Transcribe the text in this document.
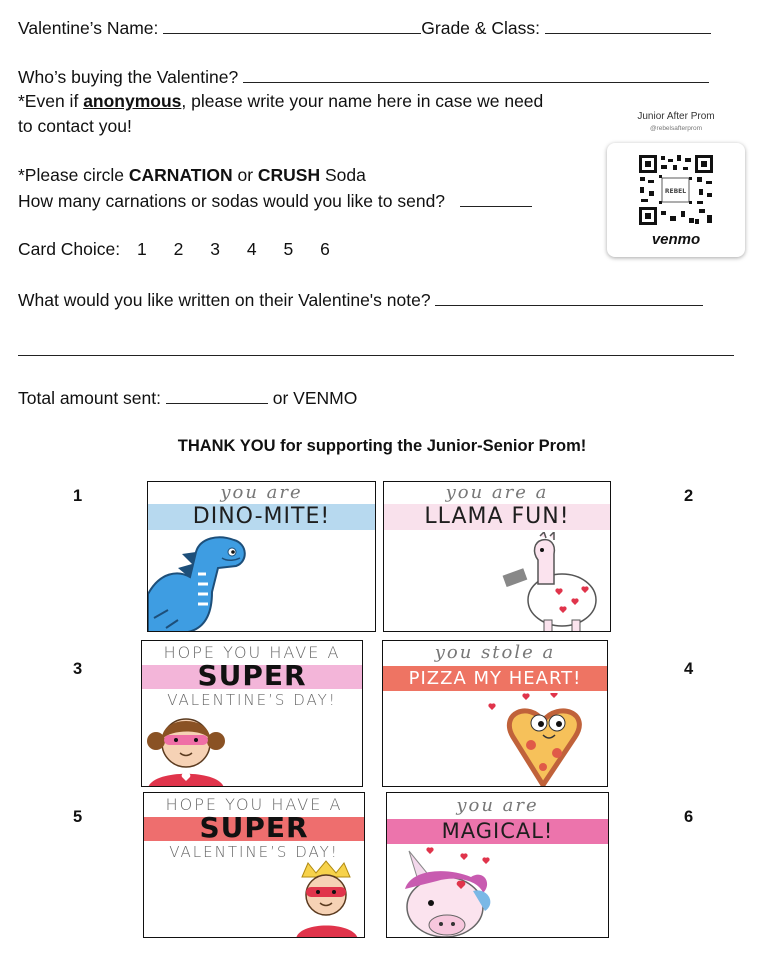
Valentine’s Name:	Grade & Class:
Who’s buying the Valentine?
*Even if anonymous, please write your name here in case we need
to contact you!
*Please circle CARNATION or CRUSH Soda
How many carnations or sodas would you like to send?
Card Choice: 1 2 3 4 5 6
What would you like written on their Valentine's note?
Total amount sent:	or VENMO
Junior After Prom
@rebelsafterprom
REBEL
venmo
THANK YOU for supporting the Junior-Senior Prom!
1	2
3	4
5	6
you are
DINO-MITE!
you are a
LLAMA FUN!
HOPE YOU HAVE A
SUPER
VALENTINE’S DAY!
you stole a
PIZZA MY HEART!
HOPE YOU HAVE A
SUPER
VALENTINE’S DAY!
you are
MAGICAL!
